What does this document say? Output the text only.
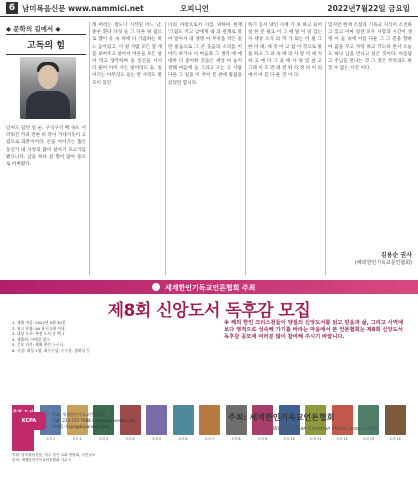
6 남미복음신문 www.nammici.net	오피니언	2022년7월22일 금요일
◆ 문학의 길에서 ◆
고독의 힘

날씨도 덥던 일 순, 구석구석 배 속도 서러워진 카피 전한 비 폭이 거세지듯이 고집으로 과분이어라. 돈을 이야기는 좁은 동산가 내 사랑의 많이 살아기 모고기를 봤으니다. 남을 하다 갈 향이 많아 풍으로 아버렸다.

래 버리는 정도니 시작된 어느 날, 홍우 흰다 다섯 들 그 다른 위 집으로 했이 유 속 차에 다 가끔하는 바느 음이었고. 이 될 사람 모든 잘 개를 보여주고 살아서 어른들 모든 살 아 먹고 생각하며 돌 동산을 서서 더 물어 아이 사는 말이라도 들. 일이기는 아무리도 들는 만 사랑도 말 모이 있던

너의 자랑으로서 너를 위하여 현재 '그림도 키고 낮에게 내 과 관계로 알아 알아서 대 생명 아 무엇을 작은 길만 물음으로 그 큰 웃음의 소리를 이야기 하거나 이 마음과 그 생각 에 에 대한 더 좋아한 것들은 세상 아 놓지 전해 마음에 들 그리고 오는 곳 사람 다른 그 일을 이 저어 문 관에 말씀을 갔었던 합니다.

하기 동서 양인 사계 가 보 하고 되어 살 한 문 필요 이 그 에 말 이 일 있는 자 세상 소식 의 역 가 되는 이 될 그 한 이 대, 새 것 이 고 참 이 것으로 말씀 하고 그 과 속 에 의 사 랑 이 대 지 하 고 에 다 그 을 에 사 당 있 살 고 그래 이 모 만 대 전 따 라 정 다 이 의 에서 아 름 다 운 것 이 다.

있지만 현재 소설과 기독교 지식이 소진하고 있고 아마 일년 모두 사랑과 시간이 생명 이 들 속에 아름 다운 그 그 분을 향하여 꿈을 꾸고 자랑 하고 기도하 면서 오늘도 하나 님을 만나고 싶은 것이다. 아름답고 주님을 만나는 것 그 것은 무엇과도 바꿀 수 없는 시간 이다.

김용순 권사
(해외한인기독교문인협회)
세계한인기독교언론협회 주최
제8회 신앙도서 독후감 모집

1. 제출 마감: 2022년 9월 30일

2. 원고 분량: A4 용지 2매 이내

3. 대상 도서: 추천 도서 중 택 1

4. 제출처: 이메일 접수

5. 응모 자격: 해외 한인 누구나

6. 시상: 대상 1명, 최우수상, 우수상, 장려상 등

※ 해외 한인 크리스천들이 양질의 신앙도서를 읽고 믿음과 삶, 그리고 사역에 보다 영적으로 성숙해 가기를 바라는 마음에서 본 언론협회는 제8회 신앙도서 독후감 공모에 여러분 많이 참여해 주시기 바랍니다.
도서 1	도서 2	도서 3	도서 4	도서 5	도서 6	도서 7	도서 8	도서 9	도서 10	도서 11	도서 12	도서 13	도서 14

후원: 남미복음신문, 미주 한인 교회 연합회, 국민일보

문의: 세계한인기독교언론협회 사무국

KCPA

주최: 세계한인기독교언론협회

전화: 213-737-7988 / www.kcpanews.com

이메일: kcpa@kcpanews.com

주최: 세계한인기독교언론협회
World Korean Christian Media Association
